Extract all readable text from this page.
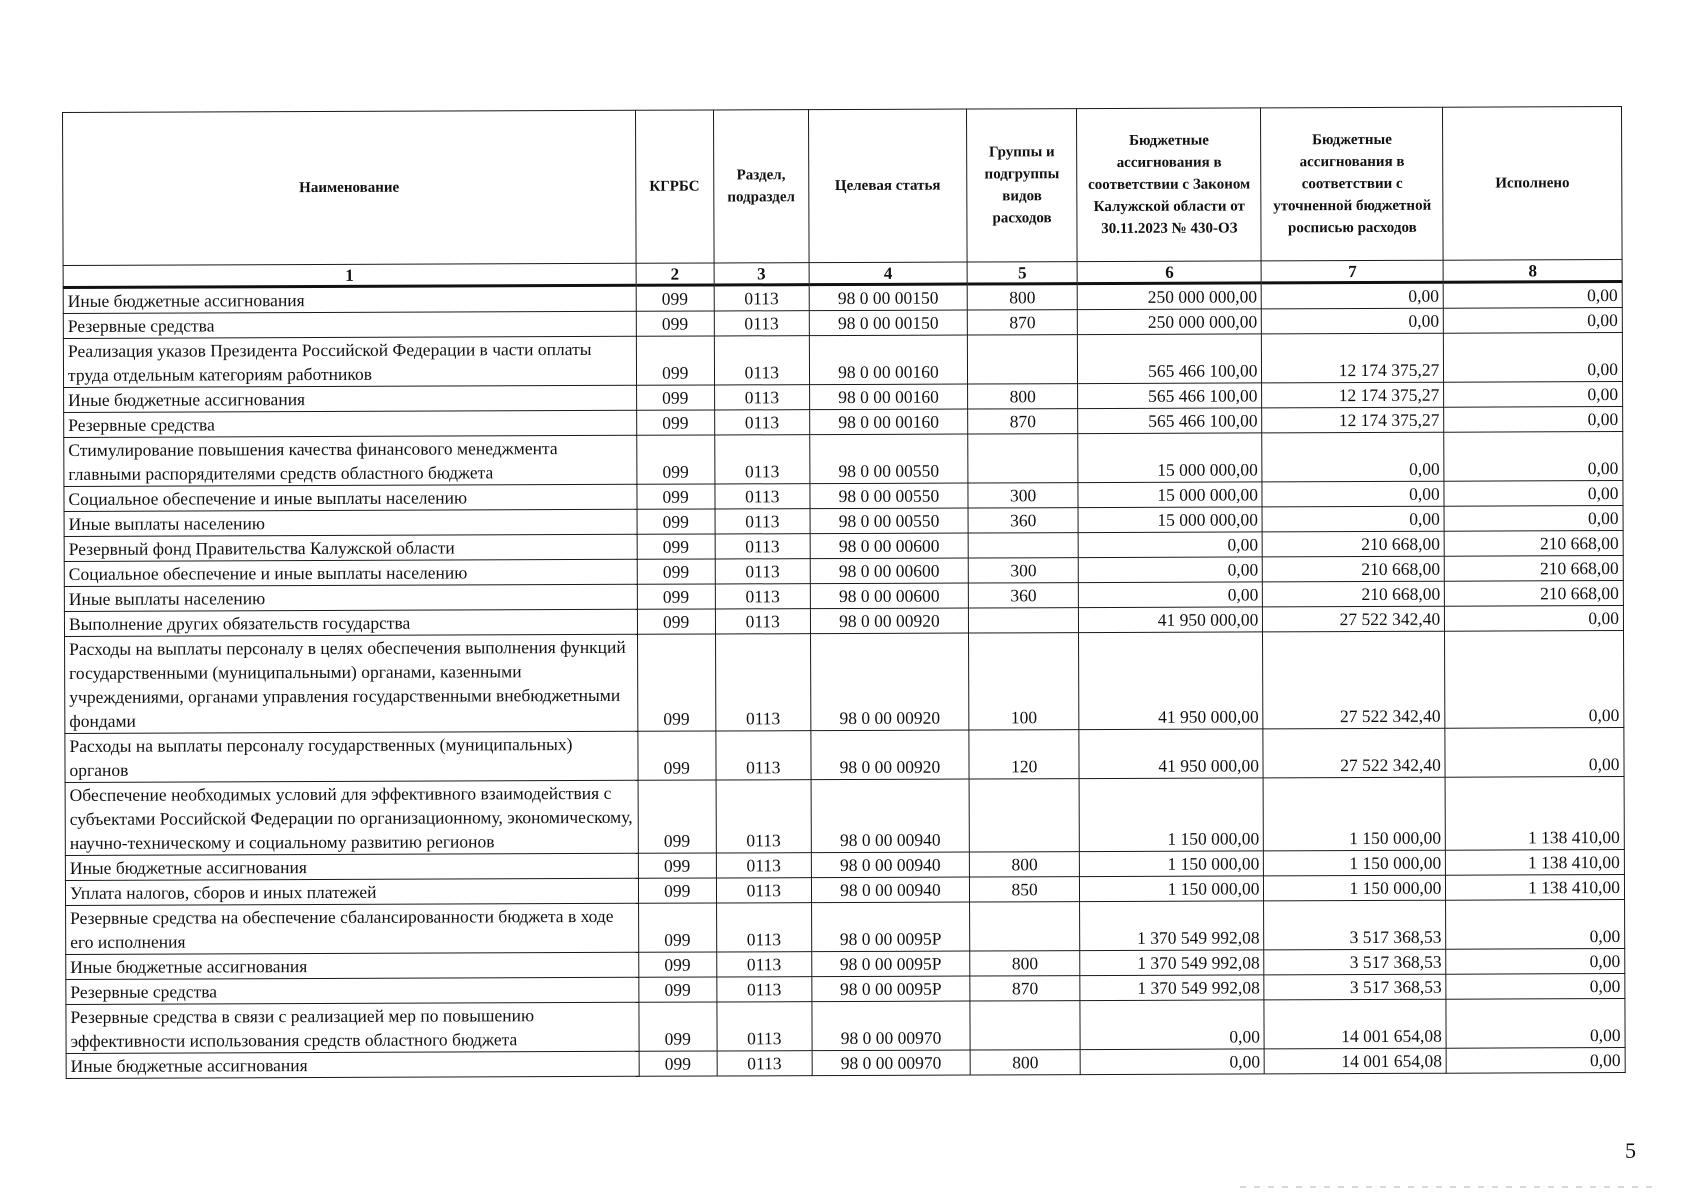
Наименование	КГРБС	Раздел, подраздел	Целевая статья	Группы и подгруппы видов расходов	Бюджетные ассигнования в соответствии с Законом Калужской области от 30.11.2023 № 430-ОЗ	Бюджетные ассигнования в соответствии с уточненной бюджетной росписью расходов	Исполнено
1	2	3	4	5	6	7	8
Иные бюджетные ассигнования	099	0113	98 0 00 00150	800	250 000 000,00	0,00	0,00
Резервные средства	099	0113	98 0 00 00150	870	250 000 000,00	0,00	0,00
Реализация указов Президента Российской Федерации в части оплаты труда отдельным категориям работников	099	0113	98 0 00 00160		565 466 100,00	12 174 375,27	0,00
Иные бюджетные ассигнования	099	0113	98 0 00 00160	800	565 466 100,00	12 174 375,27	0,00
Резервные средства	099	0113	98 0 00 00160	870	565 466 100,00	12 174 375,27	0,00
Стимулирование повышения качества финансового менеджмента главными распорядителями средств областного бюджета	099	0113	98 0 00 00550		15 000 000,00	0,00	0,00
Социальное обеспечение и иные выплаты населению	099	0113	98 0 00 00550	300	15 000 000,00	0,00	0,00
Иные выплаты населению	099	0113	98 0 00 00550	360	15 000 000,00	0,00	0,00
Резервный фонд Правительства Калужской области	099	0113	98 0 00 00600		0,00	210 668,00	210 668,00
Социальное обеспечение и иные выплаты населению	099	0113	98 0 00 00600	300	0,00	210 668,00	210 668,00
Иные выплаты населению	099	0113	98 0 00 00600	360	0,00	210 668,00	210 668,00
Выполнение других обязательств государства	099	0113	98 0 00 00920		41 950 000,00	27 522 342,40	0,00
Расходы на выплаты персоналу в целях обеспечения выполнения функций государственными (муниципальными) органами, казенными учреждениями, органами управления государственными внебюджетными фондами	099	0113	98 0 00 00920	100	41 950 000,00	27 522 342,40	0,00
Расходы на выплаты персоналу государственных (муниципальных) органов	099	0113	98 0 00 00920	120	41 950 000,00	27 522 342,40	0,00
Обеспечение необходимых условий для эффективного взаимодействия с субъектами Российской Федерации по организационному, экономическому, научно-техническому и социальному развитию регионов	099	0113	98 0 00 00940		1 150 000,00	1 150 000,00	1 138 410,00
Иные бюджетные ассигнования	099	0113	98 0 00 00940	800	1 150 000,00	1 150 000,00	1 138 410,00
Уплата налогов, сборов и иных платежей	099	0113	98 0 00 00940	850	1 150 000,00	1 150 000,00	1 138 410,00
Резервные средства на обеспечение сбалансированности бюджета в ходе его исполнения	099	0113	98 0 00 0095Р		1 370 549 992,08	3 517 368,53	0,00
Иные бюджетные ассигнования	099	0113	98 0 00 0095Р	800	1 370 549 992,08	3 517 368,53	0,00
Резервные средства	099	0113	98 0 00 0095Р	870	1 370 549 992,08	3 517 368,53	0,00
Резервные средства в связи с реализацией мер по повышению эффективности использования средств областного бюджета	099	0113	98 0 00 00970		0,00	14 001 654,08	0,00
Иные бюджетные ассигнования	099	0113	98 0 00 00970	800	0,00	14 001 654,08	0,00
5
